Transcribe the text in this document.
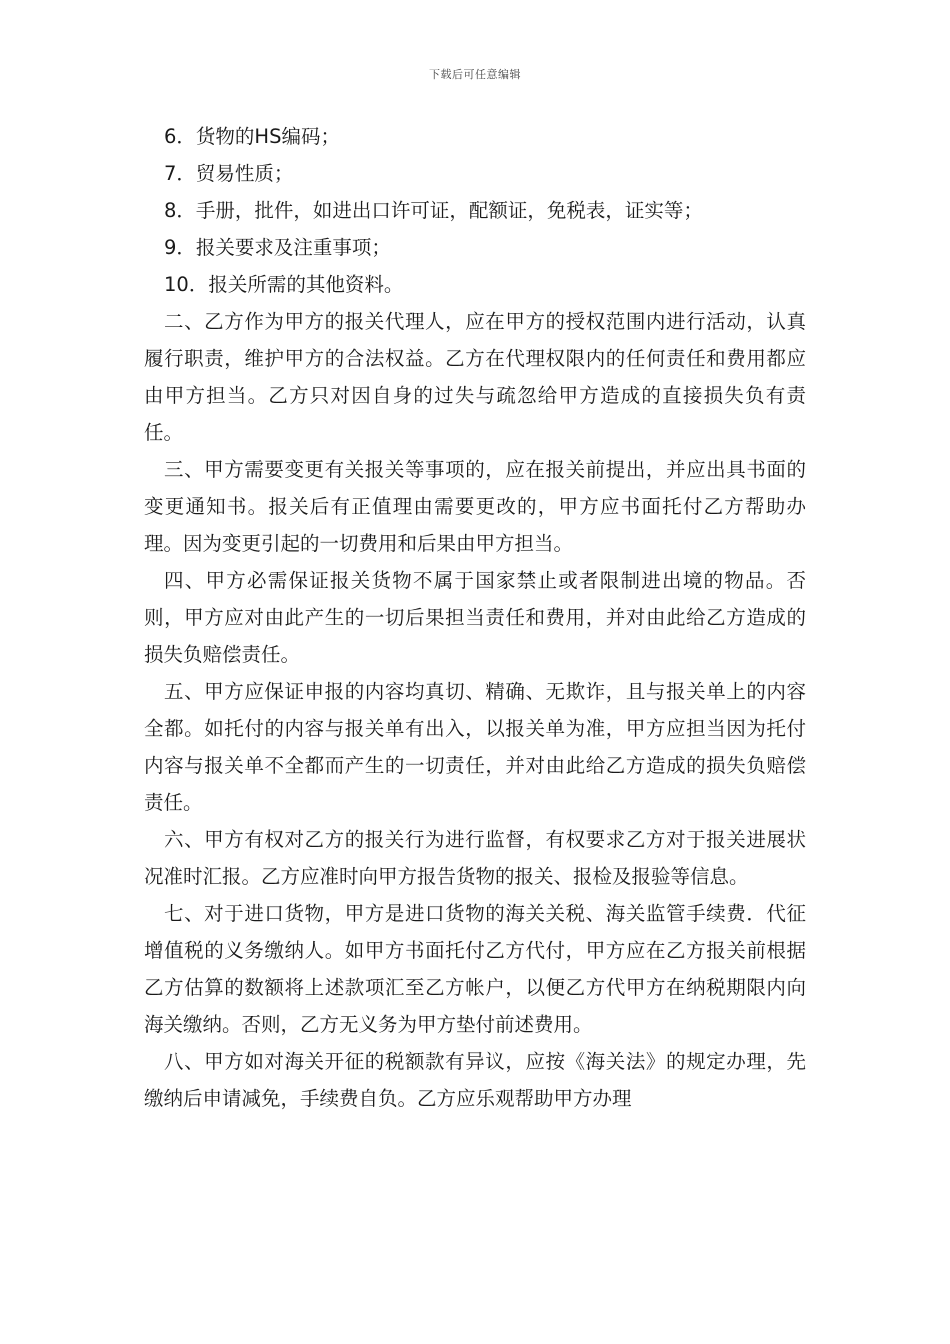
下载后可任意编辑
6．货物的HS编码；
7．贸易性质；
8．手册，批件，如进出口许可证，配额证，免税表，证实等；
9．报关要求及注重事项；
10．报关所需的其他资料。

二、乙方作为甲方的报关代理人，应在甲方的授权范围内进行活动，认真履行职责，维护甲方的合法权益。乙方在代理权限内的任何责任和费用都应由甲方担当。乙方只对因自身的过失与疏忽给甲方造成的直接损失负有责任。

三、甲方需要变更有关报关等事项的，应在报关前提出，并应出具书面的变更通知书。报关后有正值理由需要更改的，甲方应书面托付乙方帮助办理。因为变更引起的一切费用和后果由甲方担当。

四、甲方必需保证报关货物不属于国家禁止或者限制进出境的物品。否则，甲方应对由此产生的一切后果担当责任和费用，并对由此给乙方造成的损失负赔偿责任。

五、甲方应保证申报的内容均真切、精确、无欺诈，且与报关单上的内容全都。如托付的内容与报关单有出入，以报关单为准，甲方应担当因为托付内容与报关单不全都而产生的一切责任，并对由此给乙方造成的损失负赔偿责任。

六、甲方有权对乙方的报关行为进行监督，有权要求乙方对于报关进展状况准时汇报。乙方应准时向甲方报告货物的报关、报检及报验等信息。

七、对于进口货物，甲方是进口货物的海关关税、海关监管手续费．代征增值税的义务缴纳人。如甲方书面托付乙方代付，甲方应在乙方报关前根据乙方估算的数额将上述款项汇至乙方帐户，以便乙方代甲方在纳税期限内向海关缴纳。否则，乙方无义务为甲方垫付前述费用。

八、甲方如对海关开征的税额款有异议，应按《海关法》的规定办理，先缴纳后申请减免，手续费自负。乙方应乐观帮助甲方办理
